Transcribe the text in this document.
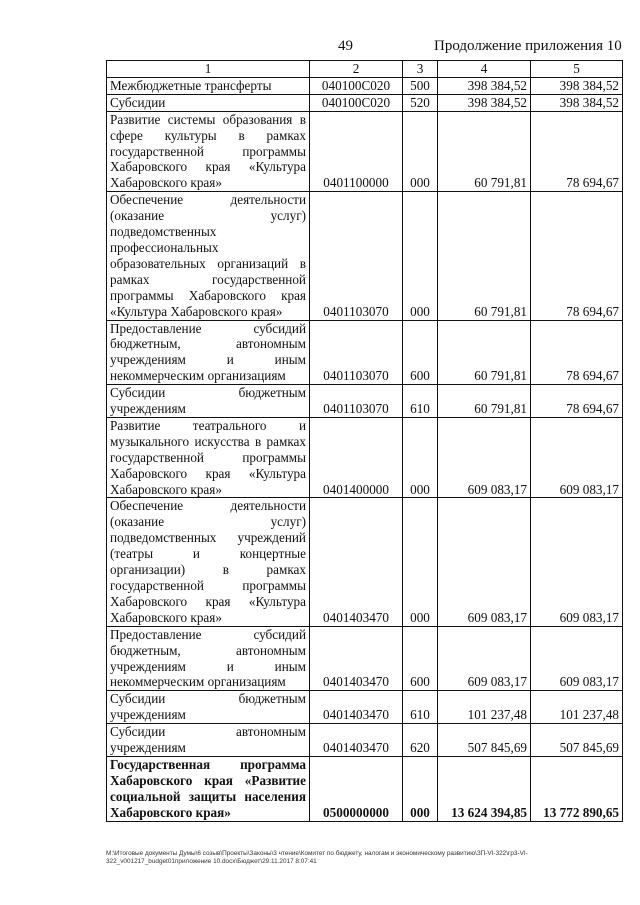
49	Продолжение приложения 10
1	2	3	4	5
Межбюджетные трансферты	040100C020	500	398 384,52	398 384,52
Субсидии	040100C020	520	398 384,52	398 384,52
Развитие системы образования в сфере культуры в рамках государственной программы Хабаровского края «Культура Хабаровского края»	0401100000	000	60 791,81	78 694,67
Обеспечение деятельности (оказание услуг) подведомственных профессиональных образовательных организаций в рамках государственной программы Хабаровского края «Культура Хабаровского края»	0401103070	000	60 791,81	78 694,67
Предоставление субсидий бюджетным, автономным учреждениям и иным некоммерческим организациям	0401103070	600	60 791,81	78 694,67
Субсидии бюджетным учреждениям	0401103070	610	60 791,81	78 694,67
Развитие театрального и музыкального искусства в рамках государственной программы Хабаровского края «Культура Хабаровского края»	0401400000	000	609 083,17	609 083,17
Обеспечение деятельности (оказание услуг) подведомственных учреждений (театры и концертные организации) в рамках государственной программы Хабаровского края «Культура Хабаровского края»	0401403470	000	609 083,17	609 083,17
Предоставление субсидий бюджетным, автономным учреждениям и иным некоммерческим организациям	0401403470	600	609 083,17	609 083,17
Субсидии бюджетным учреждениям	0401403470	610	101 237,48	101 237,48
Субсидии автономным учреждениям	0401403470	620	507 845,69	507 845,69
Государственная программа Хабаровского края «Развитие социальной защиты населения Хабаровского края»	0500000000	000	13 624 394,85	13 772 890,65
М:\Итоговые документы Думы\6 созыв\Проекты\Законы\3 чтение\Комитет по бюджету, налогам и экономическому развитию\ЗП-VI-322\гр3-VI-322_v001217_budget01приложение 10.docx\Бюджет\29.11.2017 8:07:41
